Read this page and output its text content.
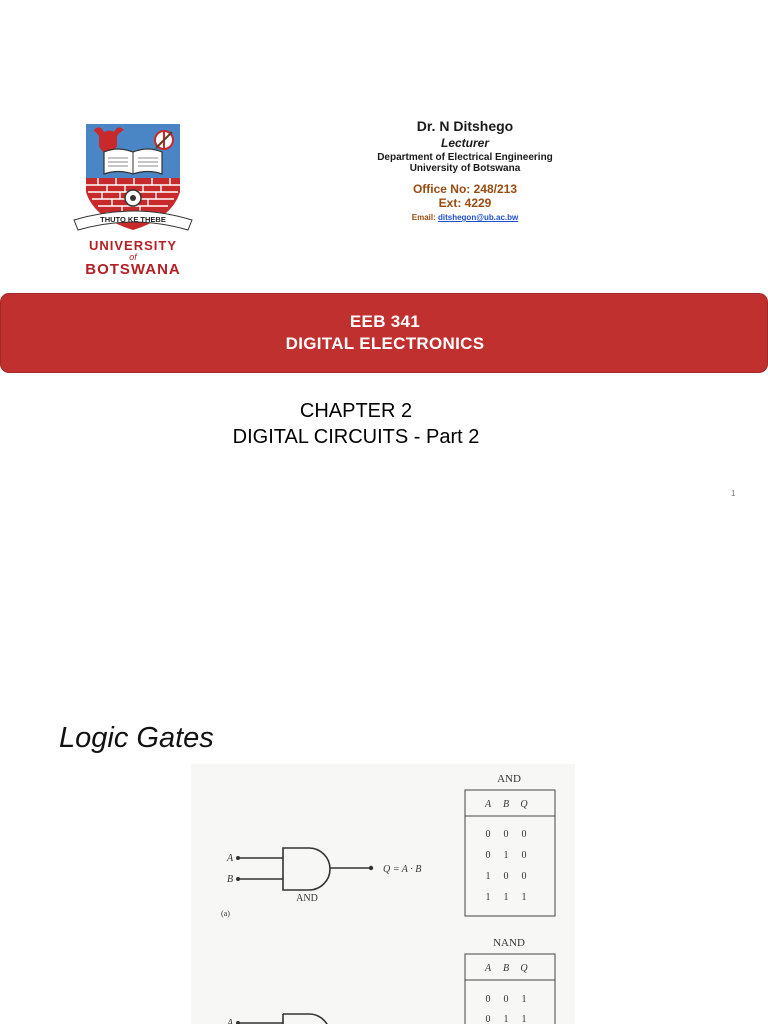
THUTO KE THEBE
UNIVERSITY
of
BOTSWANA
Dr. N Ditshego
Lecturer
Department of Electrical Engineering
University of Botswana
Office No: 248/213
Ext: 4229
Email: ditshegon@ub.ac.bw
EEB 341
DIGITAL ELECTRONICS
CHAPTER 2
DIGITAL CIRCUITS - Part 2
1
Logic Gates
AND
A B Q
0 0 0
0 1 0
1 0 0
1 1 1
A
B
Q = A · B
AND
(a)
NAND
A B Q
0 0 1
0 1 1
A
